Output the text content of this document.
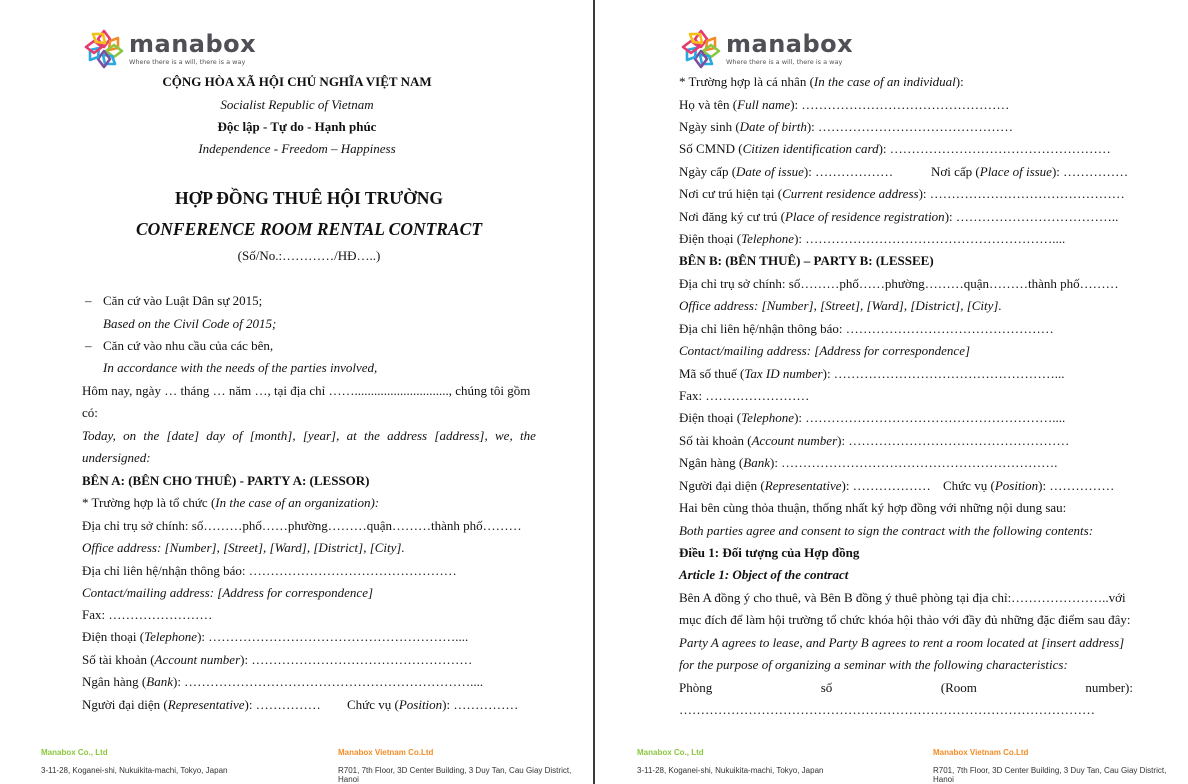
manabox
Where there is a will, there is a way
CỘNG HÒA XÃ HỘI CHỦ NGHĨA VIỆT NAM
Socialist Republic of Vietnam
Độc lập - Tự do - Hạnh phúc
Independence - Freedom – Happiness
HỢP ĐỒNG THUÊ HỘI TRƯỜNG
CONFERENCE ROOM RENTAL CONTRACT
(Số/No.:…………/HĐ…..)
– Căn cứ vào Luật Dân sự 2015;
Based on the Civil Code of 2015;
– Căn cứ vào nhu cầu của các bên,
In accordance with the needs of the parties involved,
Hôm nay, ngày … tháng … năm …, tại địa chỉ ……............................., chúng tôi gồm
có:
Today, on the [date] day of [month], [year], at the address [address], we, the
undersigned:
BÊN A: (BÊN CHO THUÊ) - PARTY A: (LESSOR)
* Trường hợp là tổ chức (In the case of an organization):
Địa chỉ trụ sở chính: số………phố……phường………quận………thành phố………
Office address: [Number], [Street], [Ward], [District], [City].
Địa chỉ liên hệ/nhận thông báo: …………………………………………
Contact/mailing address: [Address for correspondence]
Fax: ……………………
Điện thoại (Telephone): …………………………………………………....
Số tài khoản (Account number): ……………………………………………
Ngân hàng (Bank): …………………………………………………………....
Người đại diện (Representative): …………… Chức vụ (Position): ……………
Manabox Co., Ltd
3-11-28, Koganei-shi, Nukuikita-machi, Tokyo, Japan
Manabox Vietnam Co.Ltd
R701, 7th Floor, 3D Center Building, 3 Duy Tan, Cau Giay District,
Hanoi
manabox
Where there is a will, there is a way
* Trường hợp là cá nhân (In the case of an individual):
Họ và tên (Full name): …………………………………………
Ngày sinh (Date of birth): ………………………………………
Số CMND (Citizen identification card): ……………………………………………
Ngày cấp (Date of issue): ………………	Nơi cấp (Place of issue): ……………
Nơi cư trú hiện tại (Current residence address): ………………………………………
Nơi đăng ký cư trú (Place of residence registration): ………………………………..
Điện thoại (Telephone): …………………………………………………....
BÊN B: (BÊN THUÊ) – PARTY B: (LESSEE)
Địa chỉ trụ sở chính: số………phố……phường………quận………thành phố………
Office address: [Number], [Street], [Ward], [District], [City].
Địa chỉ liên hệ/nhận thông báo: …………………………………………
Contact/mailing address: [Address for correspondence]
Mã số thuế (Tax ID number): ……………………………………………...
Fax: ……………………
Điện thoại (Telephone): …………………………………………………....
Số tài khoản (Account number): ……………………………………………
Ngân hàng (Bank): ……………………………………………………….
Người đại diện (Representative): ……………… Chức vụ (Position): ……………
Hai bên cùng thỏa thuận, thống nhất ký hợp đồng với những nội dung sau:
Both parties agree and consent to sign the contract with the following contents:
Điều 1: Đối tượng của Hợp đồng
Article 1: Object of the contract
Bên A đồng ý cho thuê, và Bên B đồng ý thuê phòng tại địa chỉ:…………………..với
mục đích để làm hội trường tổ chức khóa hội thảo với đầy đủ những đặc điểm sau đây:
Party A agrees to lease, and Party B agrees to rent a room located at [insert address]
for the purpose of organizing a seminar with the following characteristics:
Phòng	số	(Room	number):
……………………………………………………………………………………
Manabox Co., Ltd
3-11-28, Koganei-shi, Nukuikita-machi, Tokyo, Japan
Manabox Vietnam Co.Ltd
R701, 7th Floor, 3D Center Building, 3 Duy Tan, Cau Giay District,
Hanoi
